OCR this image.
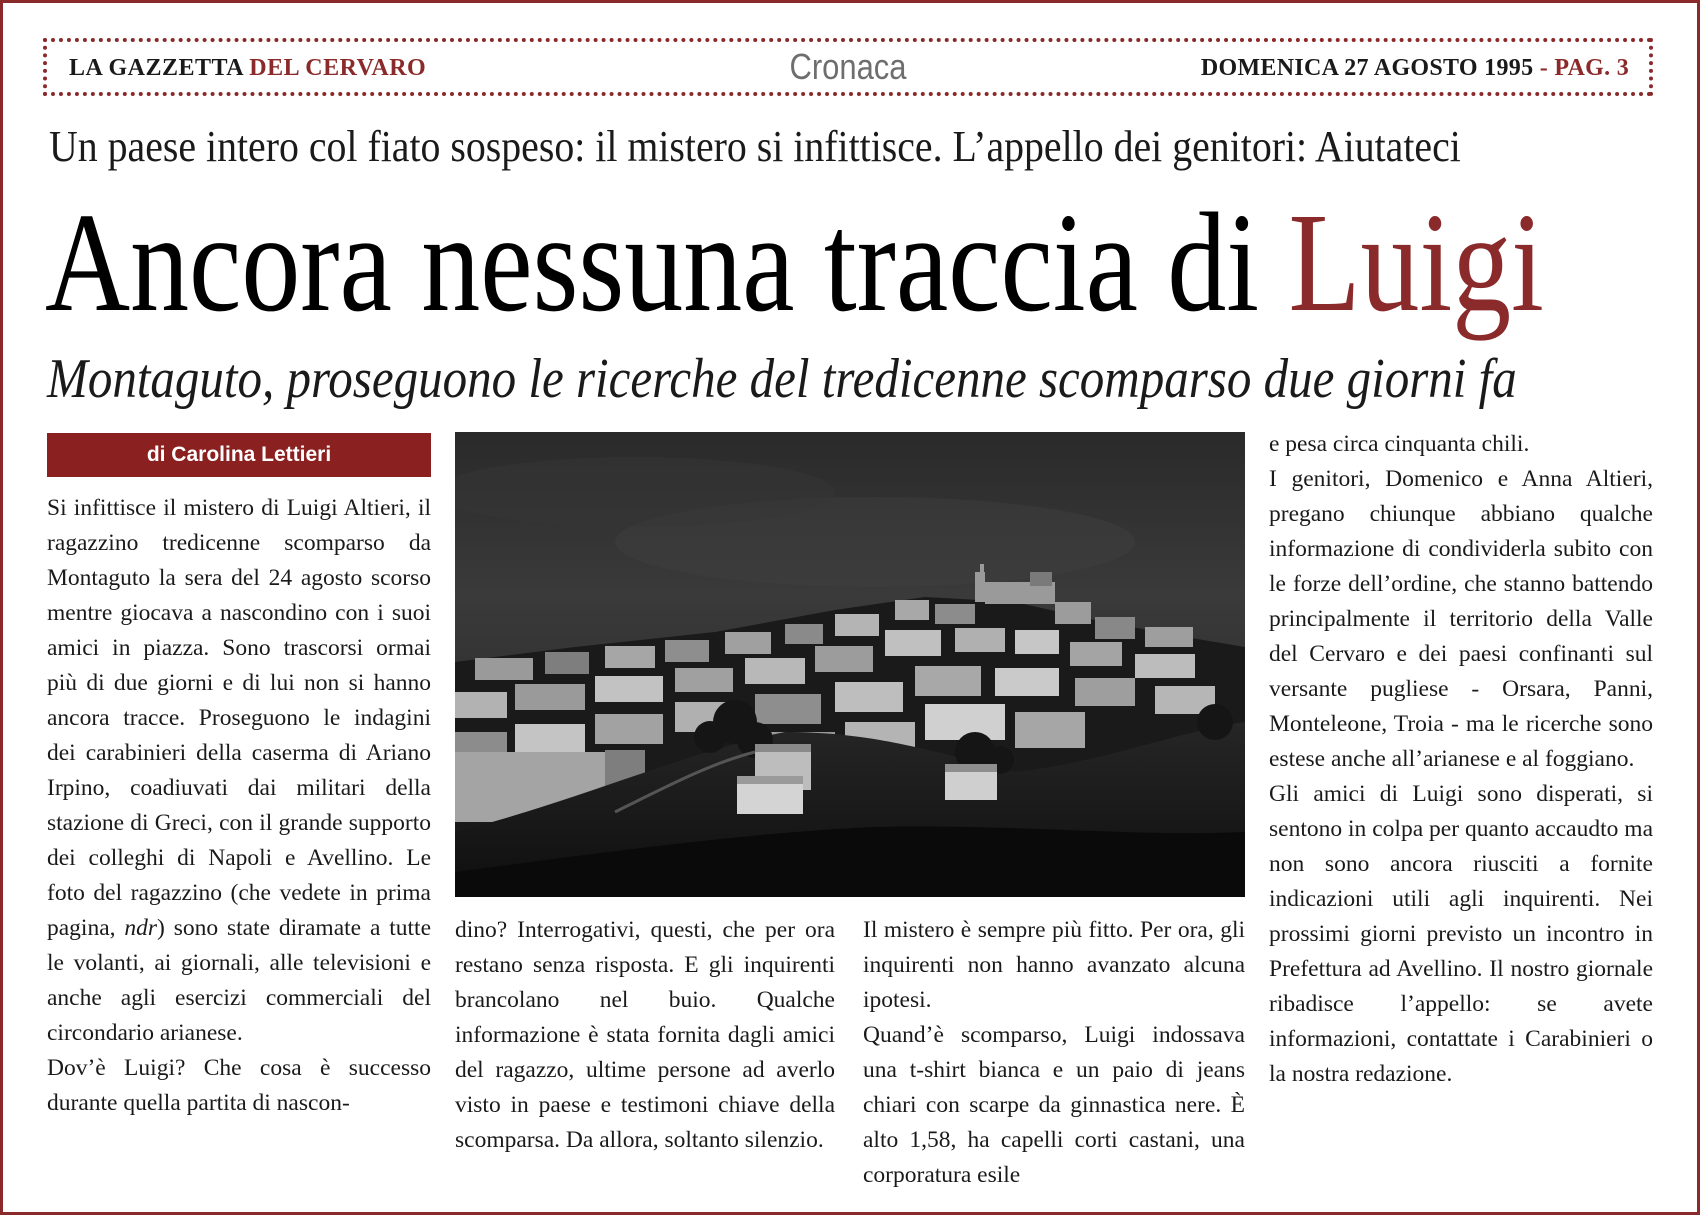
LA GAZZETTA DEL CERVARO	Cronaca	DOMENICA 27 AGOSTO 1995 - PAG. 3
Un paese intero col fiato sospeso: il mistero si infittisce. L’appello dei genitori: Aiutateci
Ancora nessuna traccia di Luigi
Montaguto, proseguono le ricerche del tredicenne scomparso due giorni fa
di Carolina Lettieri

Si infittisce il mistero di Luigi Altieri, il ragazzino tredicenne scomparso da Montaguto la sera del 24 agosto scorso mentre giocava a nascondino con i suoi amici in piazza. Sono trascorsi ormai più di due giorni e di lui non si hanno ancora tracce. Proseguono le indagini dei carabinieri della caserma di Ariano Irpino, coadiuvati dai militari della stazione di Greci, con il grande supporto dei colleghi di Napoli e Avellino. Le foto del ragazzino (che vedete in prima pagina, ndr) sono state diramate a tutte le volanti, ai giornali, alle televisioni e anche agli esercizi commerciali del circondario arianese.

Dov’è Luigi? Che cosa è successo durante quella partita di nascon-

dino? Interrogativi, questi, che per ora restano senza risposta. E gli inquirenti brancolano nel buio. Qualche informazione è stata fornita dagli amici del ragazzo, ultime persone ad averlo visto in paese e testimoni chiave della scomparsa. Da allora, soltanto silenzio.

Il mistero è sempre più fitto. Per ora, gli inquirenti non hanno avanzato alcuna ipotesi.

Quand’è scomparso, Luigi indossava una t-shirt bianca e un paio di jeans chiari con scarpe da ginnastica nere. È alto 1,58, ha capelli corti castani, una corporatura esile

e pesa circa cinquanta chili.

I genitori, Domenico e Anna Altieri, pregano chiunque abbiano qualche informazione di condividerla subito con le forze dell’ordine, che stanno battendo principalmente il territorio della Valle del Cervaro e dei paesi confinanti sul versante pugliese - Orsara, Panni, Monteleone, Troia - ma le ricerche sono estese anche all’arianese e al foggiano.

Gli amici di Luigi sono disperati, si sentono in colpa per quanto accaudto ma non sono ancora riusciti a fornite indicazioni utili agli inquirenti. Nei prossimi giorni previsto un incontro in Prefettura ad Avellino. Il nostro giornale ribadisce l’appello: se avete informazioni, contattate i Carabinieri o la nostra redazione.
